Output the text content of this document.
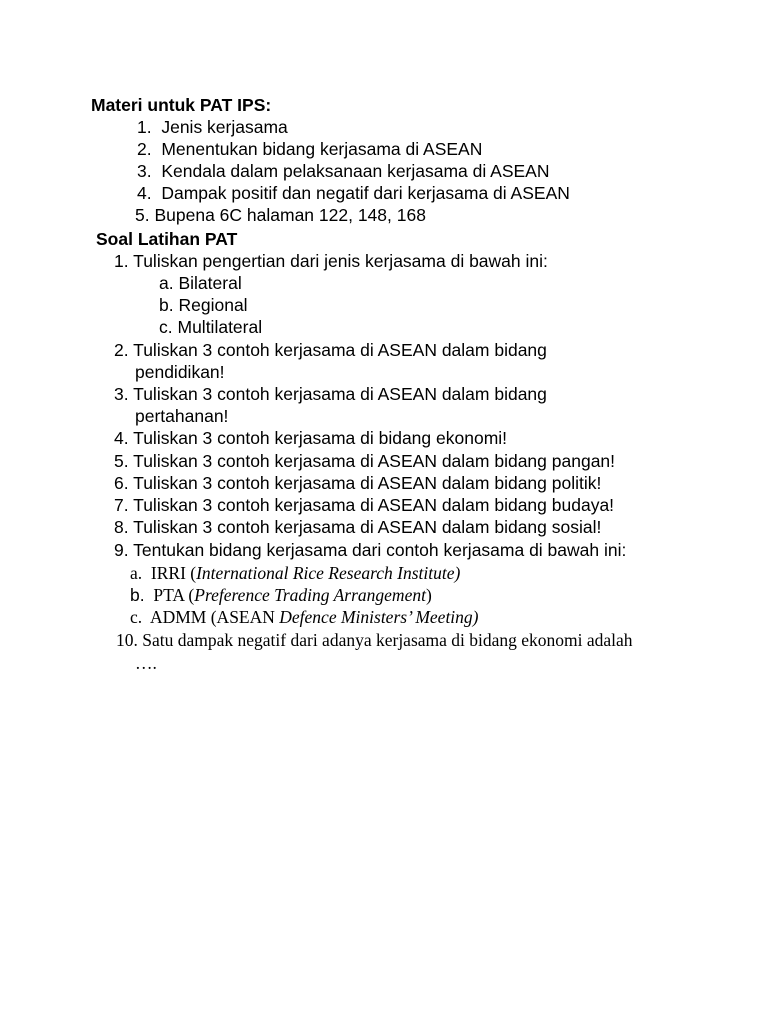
Materi untuk PAT IPS:

1. Jenis kerjasama

2. Menentukan bidang kerjasama di ASEAN

3. Kendala dalam pelaksanaan kerjasama di ASEAN

4. Dampak positif dan negatif dari kerjasama di ASEAN

5. Bupena 6C halaman 122, 148, 168

Soal Latihan PAT

1. Tuliskan pengertian dari jenis kerjasama di bawah ini:

a. Bilateral

b. Regional

c. Multilateral

2. Tuliskan 3 contoh kerjasama di ASEAN dalam bidang

pendidikan!

3. Tuliskan 3 contoh kerjasama di ASEAN dalam bidang

pertahanan!

4. Tuliskan 3 contoh kerjasama di bidang ekonomi!

5. Tuliskan 3 contoh kerjasama di ASEAN dalam bidang pangan!

6. Tuliskan 3 contoh kerjasama di ASEAN dalam bidang politik!

7. Tuliskan 3 contoh kerjasama di ASEAN dalam bidang budaya!

8. Tuliskan 3 contoh kerjasama di ASEAN dalam bidang sosial!

9. Tentukan bidang kerjasama dari contoh kerjasama di bawah ini:

a. IRRI (International Rice Research Institute)

b. PTA (Preference Trading Arrangement)

c. ADMM (ASEAN Defence Ministers’ Meeting)

10. Satu dampak negatif dari adanya kerjasama di bidang ekonomi adalah

….
